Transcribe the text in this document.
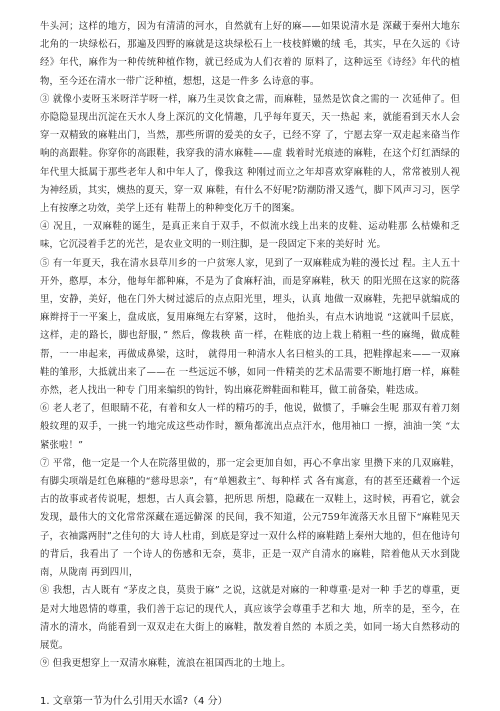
牛头河；这样的地方，因为有清清的河水，自然就有上好的麻——如果说清水是 深藏于秦州大地东北角的一块绿松石，那遍及四野的麻就是这块绿松石上一枝枝鲜嫩的绒 毛，其实，早在久远的《诗经》年代，麻作为一种传统种植作物，就已经成为人们衣着的 原料了，这种远至《诗经》年代的植物，至今还在清水一带广泛种植，想想，这是一件多 么诗意的事。

③ 就像小麦呀玉米呀洋芋呀一样，麻乃生灵饮食之需，而麻鞋，显然是饮食之需的一 次延伸了。但亦隐隐显现出沉淀在天水人身上深沉的文化情趣，几乎每年夏天，天一热起 来，就能看到天水人会穿一双精致的麻鞋出门，当然，那些所谓的爱美的女子，已经不穿 了，宁愿去穿一双走起来硌当作响的高跟鞋。你穿你的高跟鞋，我穿我的清水麻鞋——虚 载着时光痕迹的麻鞋，在这个灯红酒绿的年代里大抵属于那些老年人和中年人了，像我这 种刚过而立之年却喜欢穿麻鞋的人，常常被别人视为神经质，其实，燠热的夏天，穿一双 麻鞋，有什么不好呢?防潮防滑又透气，脚下风声习习，医学上有按摩之功效，美学上还有 鞋帮上的种种变化万千的图案。

④ 况且，一双麻鞋的诞生，是真正来自于双手，不似流水线上出来的皮鞋、运动鞋那 么枯燥和乏味，它沉浸着手艺的光芒，是农业文明的一则注脚，是一段固定下来的美好时 光。

⑤ 有一年夏天，我在清水县草川乡的一户贫寒人家，见到了一双麻鞋成为鞋的漫长过 程。主人五十开外，憨厚，本分，他每年都种麻，不是为了食麻籽油，而是穿麻鞋，秋天 的阳光照在这家的院落里，安静，美好，他在门外大树过滤后的点点阳光里，埋头，认真 地做一双麻鞋，先把早就编成的麻辫捋于一平案上，盘成底，复用麻绳左右穿紧，这时， 他抬头，有点木讷地说 “这就叫千层底，这样，走的路长，脚也舒服，” 然后，像栽秧 苗一样，在鞋底的边上栽上稍粗一些的麻绳，做成鞋帮，一一串起来，再做成鼻梁，这时， 就得用一种清水人名曰楦头的工具，把鞋撑起来——一双麻鞋的雏形，大抵就出来了——在 一些远远不够，如同一件精美的艺术品需要不断地打磨一样，麻鞋亦然，老人找出一种专 门用来编织的钩针，钩出麻花辫鞋面和鞋耳，做工前备染，鞋迭成。

⑥ 老人老了，但眼睛不花，有着和女人一样的精巧的手，他说，做惯了，手嘛会生呢 那双有着刀刻般纹理的双手，一挑一钓地完成这些动作时，额角都流出点点汗水，他用袖口 一擦，油油一笑 “太紧张啦！”

⑦ 平常，他一定是一个人在院落里做的，那一定会更加自如，再心不拿出家 里攒下来的几双麻鞋，有脚尖项端是红色麻穗的“慈母思亲”，有“单翘救主”、每种样 式 各有寓意，有的甚至还藏着一个远古的故事或者传说呢，想想，古人真会篡，把所思 所想，隐藏在一双鞋上，这时候，再看它，就会发现，最伟大的文化常常深藏在遥远僻深 的民间，我不知道，公元759年流落天水且留下“麻鞋见天子，衣袖露两肘”之佳句的大 诗人杜甫，到底是穿过一双什么样的麻鞋踏上秦州大地的，但在他诗句的背后，我看出了 一个诗人的伤感和无奈，莫非，正是一双产自清水的麻鞋，陪着他从天水到陇南，从陇南 再到四川，

⑧ 我想，古人既有 “茅皮之良，莫贵于麻” 之说，这就是对麻的一种尊重·是对一种 手艺的尊重，更是对大地恩情的尊重，我们善于忘记的现代人，真应该学会尊重手艺和大 地，所幸的是，至今，在清水的清水，尚能看到一双双走在大街上的麻鞋，散发着自然的 本质之美，如同一场大自然移动的展览。

⑨ 但我更想穿上一双清水麻鞋，流浪在祖国西北的土地上。

1. 文章第一节为什么引用天水谣?（4 分）
